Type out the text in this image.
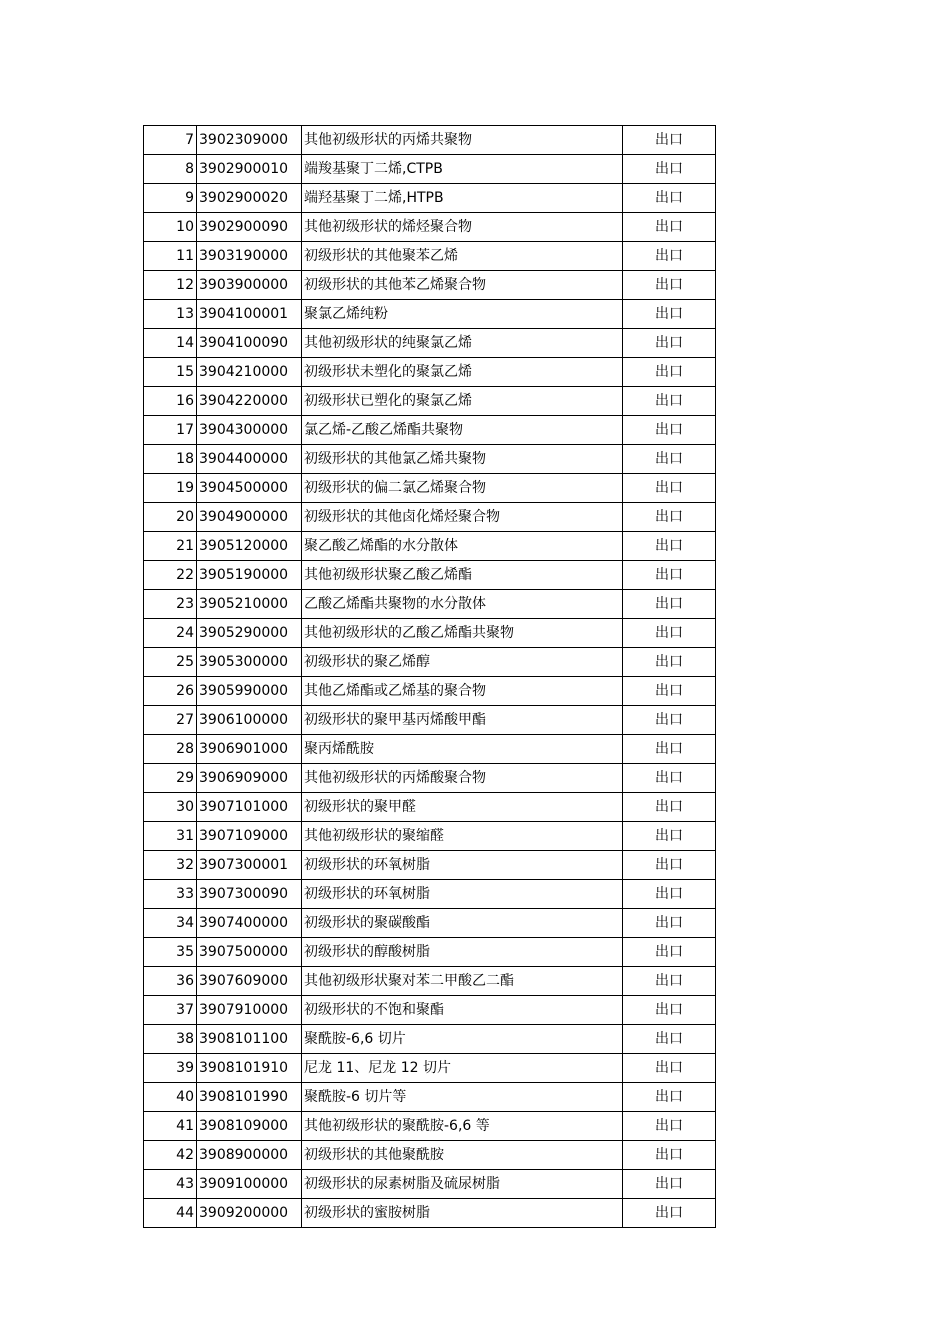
7	3902309000	其他初级形状的丙烯共聚物	出口
8	3902900010	端羧基聚丁二烯,CTPB	出口
9	3902900020	端羟基聚丁二烯,HTPB	出口
10	3902900090	其他初级形状的烯烃聚合物	出口
11	3903190000	初级形状的其他聚苯乙烯	出口
12	3903900000	初级形状的其他苯乙烯聚合物	出口
13	3904100001	聚氯乙烯纯粉	出口
14	3904100090	其他初级形状的纯聚氯乙烯	出口
15	3904210000	初级形状未塑化的聚氯乙烯	出口
16	3904220000	初级形状已塑化的聚氯乙烯	出口
17	3904300000	氯乙烯-乙酸乙烯酯共聚物	出口
18	3904400000	初级形状的其他氯乙烯共聚物	出口
19	3904500000	初级形状的偏二氯乙烯聚合物	出口
20	3904900000	初级形状的其他卤化烯烃聚合物	出口
21	3905120000	聚乙酸乙烯酯的水分散体	出口
22	3905190000	其他初级形状聚乙酸乙烯酯	出口
23	3905210000	乙酸乙烯酯共聚物的水分散体	出口
24	3905290000	其他初级形状的乙酸乙烯酯共聚物	出口
25	3905300000	初级形状的聚乙烯醇	出口
26	3905990000	其他乙烯酯或乙烯基的聚合物	出口
27	3906100000	初级形状的聚甲基丙烯酸甲酯	出口
28	3906901000	聚丙烯酰胺	出口
29	3906909000	其他初级形状的丙烯酸聚合物	出口
30	3907101000	初级形状的聚甲醛	出口
31	3907109000	其他初级形状的聚缩醛	出口
32	3907300001	初级形状的环氧树脂	出口
33	3907300090	初级形状的环氧树脂	出口
34	3907400000	初级形状的聚碳酸酯	出口
35	3907500000	初级形状的醇酸树脂	出口
36	3907609000	其他初级形状聚对苯二甲酸乙二酯	出口
37	3907910000	初级形状的不饱和聚酯	出口
38	3908101100	聚酰胺-6,6 切片	出口
39	3908101910	尼龙 11、尼龙 12 切片	出口
40	3908101990	聚酰胺-6 切片等	出口
41	3908109000	其他初级形状的聚酰胺-6,6 等	出口
42	3908900000	初级形状的其他聚酰胺	出口
43	3909100000	初级形状的尿素树脂及硫尿树脂	出口
44	3909200000	初级形状的蜜胺树脂	出口
